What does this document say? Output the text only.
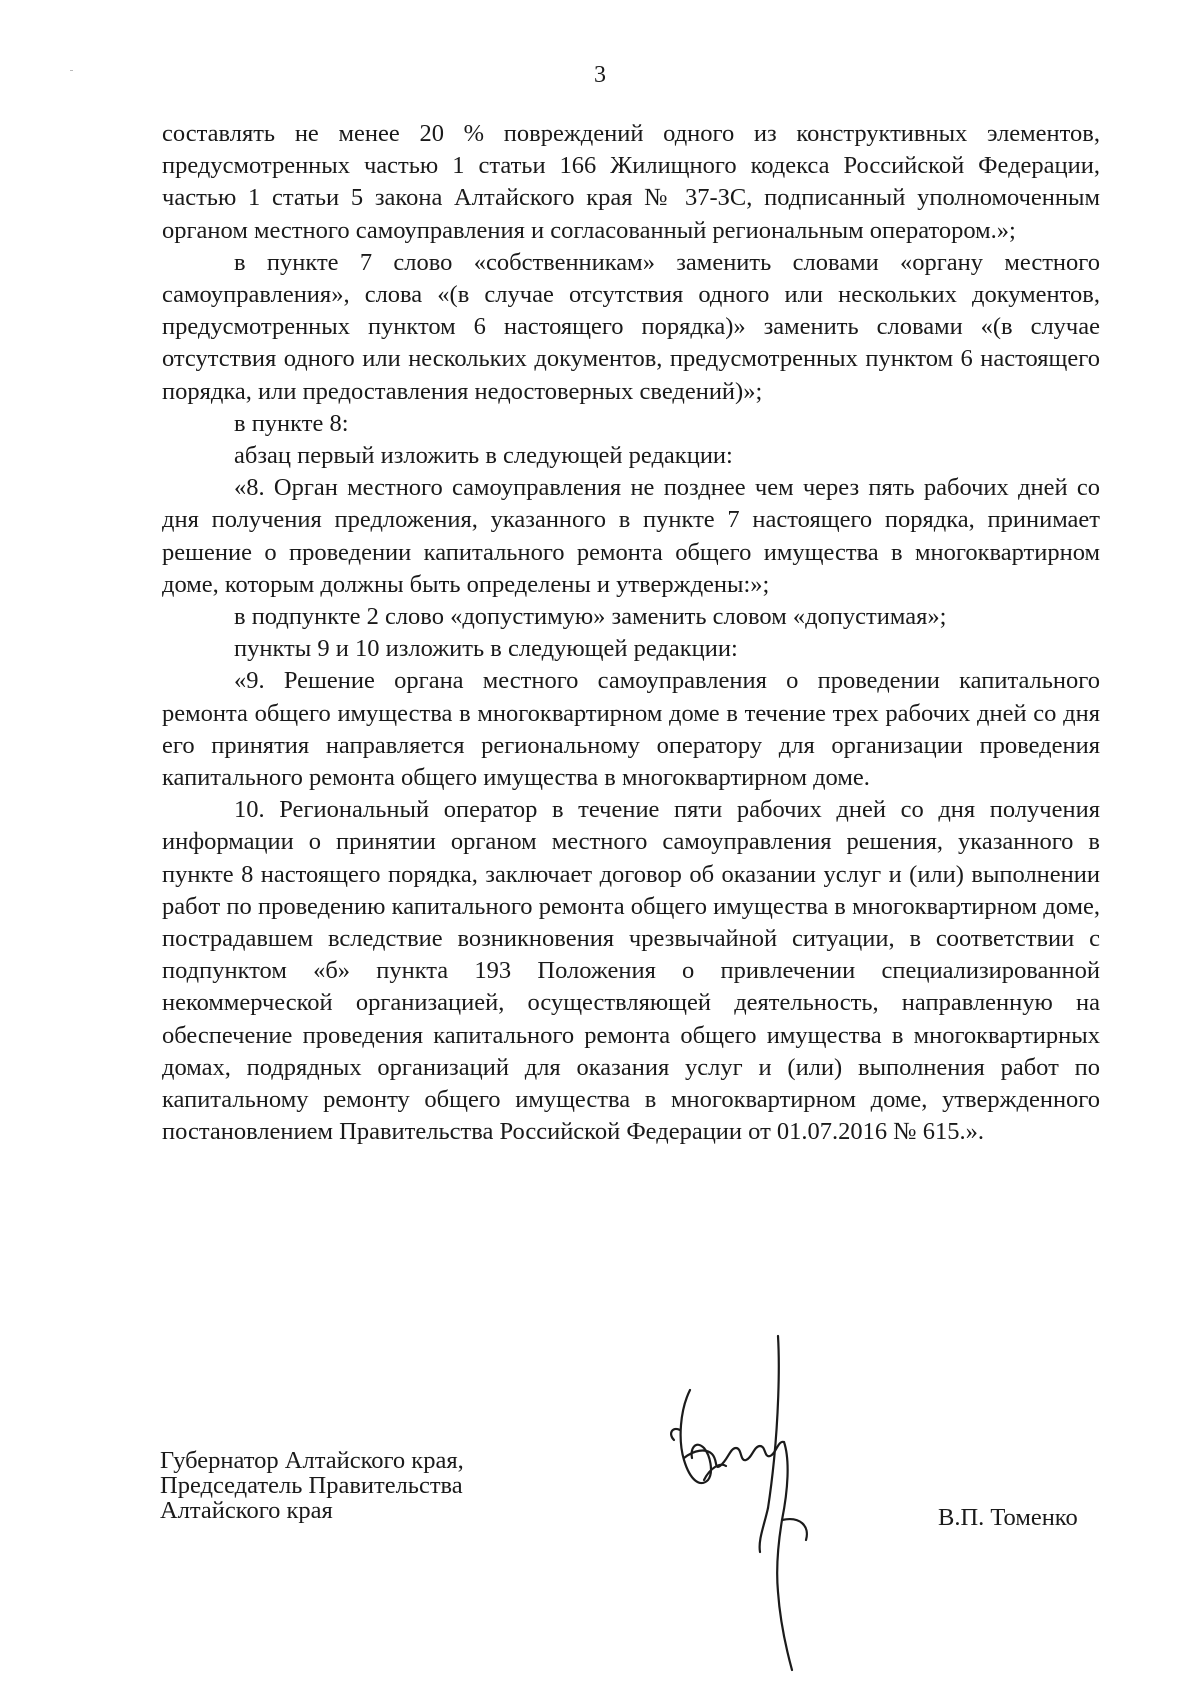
3

составлять не менее 20 % повреждений одного из конструктивных элементов, предусмотренных частью 1 статьи 166 Жилищного кодекса Российской Федерации, частью 1 статьи 5 закона Алтайского края № 37-ЗС, подписанный уполномоченным органом местного самоуправления и согласованный региональным оператором.»;

в пункте 7 слово «собственникам» заменить словами «органу местного самоуправления», слова «(в случае отсутствия одного или нескольких документов, предусмотренных пунктом 6 настоящего порядка)» заменить словами «(в случае отсутствия одного или нескольких документов, предусмотренных пунктом 6 настоящего порядка, или предоставления недостоверных сведений)»;

в пункте 8:

абзац первый изложить в следующей редакции:

«8. Орган местного самоуправления не позднее чем через пять рабочих дней со дня получения предложения, указанного в пункте 7 настоящего порядка, принимает решение о проведении капитального ремонта общего имущества в многоквартирном доме, которым должны быть определены и утверждены:»;

в подпункте 2 слово «допустимую» заменить словом «допустимая»;

пункты 9 и 10 изложить в следующей редакции:

«9. Решение органа местного самоуправления о проведении капитального ремонта общего имущества в многоквартирном доме в течение трех рабочих дней со дня его принятия направляется региональному оператору для организации проведения капитального ремонта общего имущества в многоквартирном доме.

10. Региональный оператор в течение пяти рабочих дней со дня получения информации о принятии органом местного самоуправления решения, указанного в пункте 8 настоящего порядка, заключает договор об оказании услуг и (или) выполнении работ по проведению капитального ремонта общего имущества в многоквартирном доме, пострадавшем вследствие возникновения чрезвычайной ситуации, в соответствии с подпунктом «б» пункта 193 Положения о привлечении специализированной некоммерческой организацией, осуществляющей деятельность, направленную на обеспечение проведения капитального ремонта общего имущества в многоквартирных домах, подрядных организаций для оказания услуг и (или) выполнения работ по капитальному ремонту общего имущества в многоквартирном доме, утвержденного постановлением Правительства Российской Федерации от 01.07.2016 № 615.».

Губернатор Алтайского края,
Председатель Правительства
Алтайского края	В.П. Томенко
